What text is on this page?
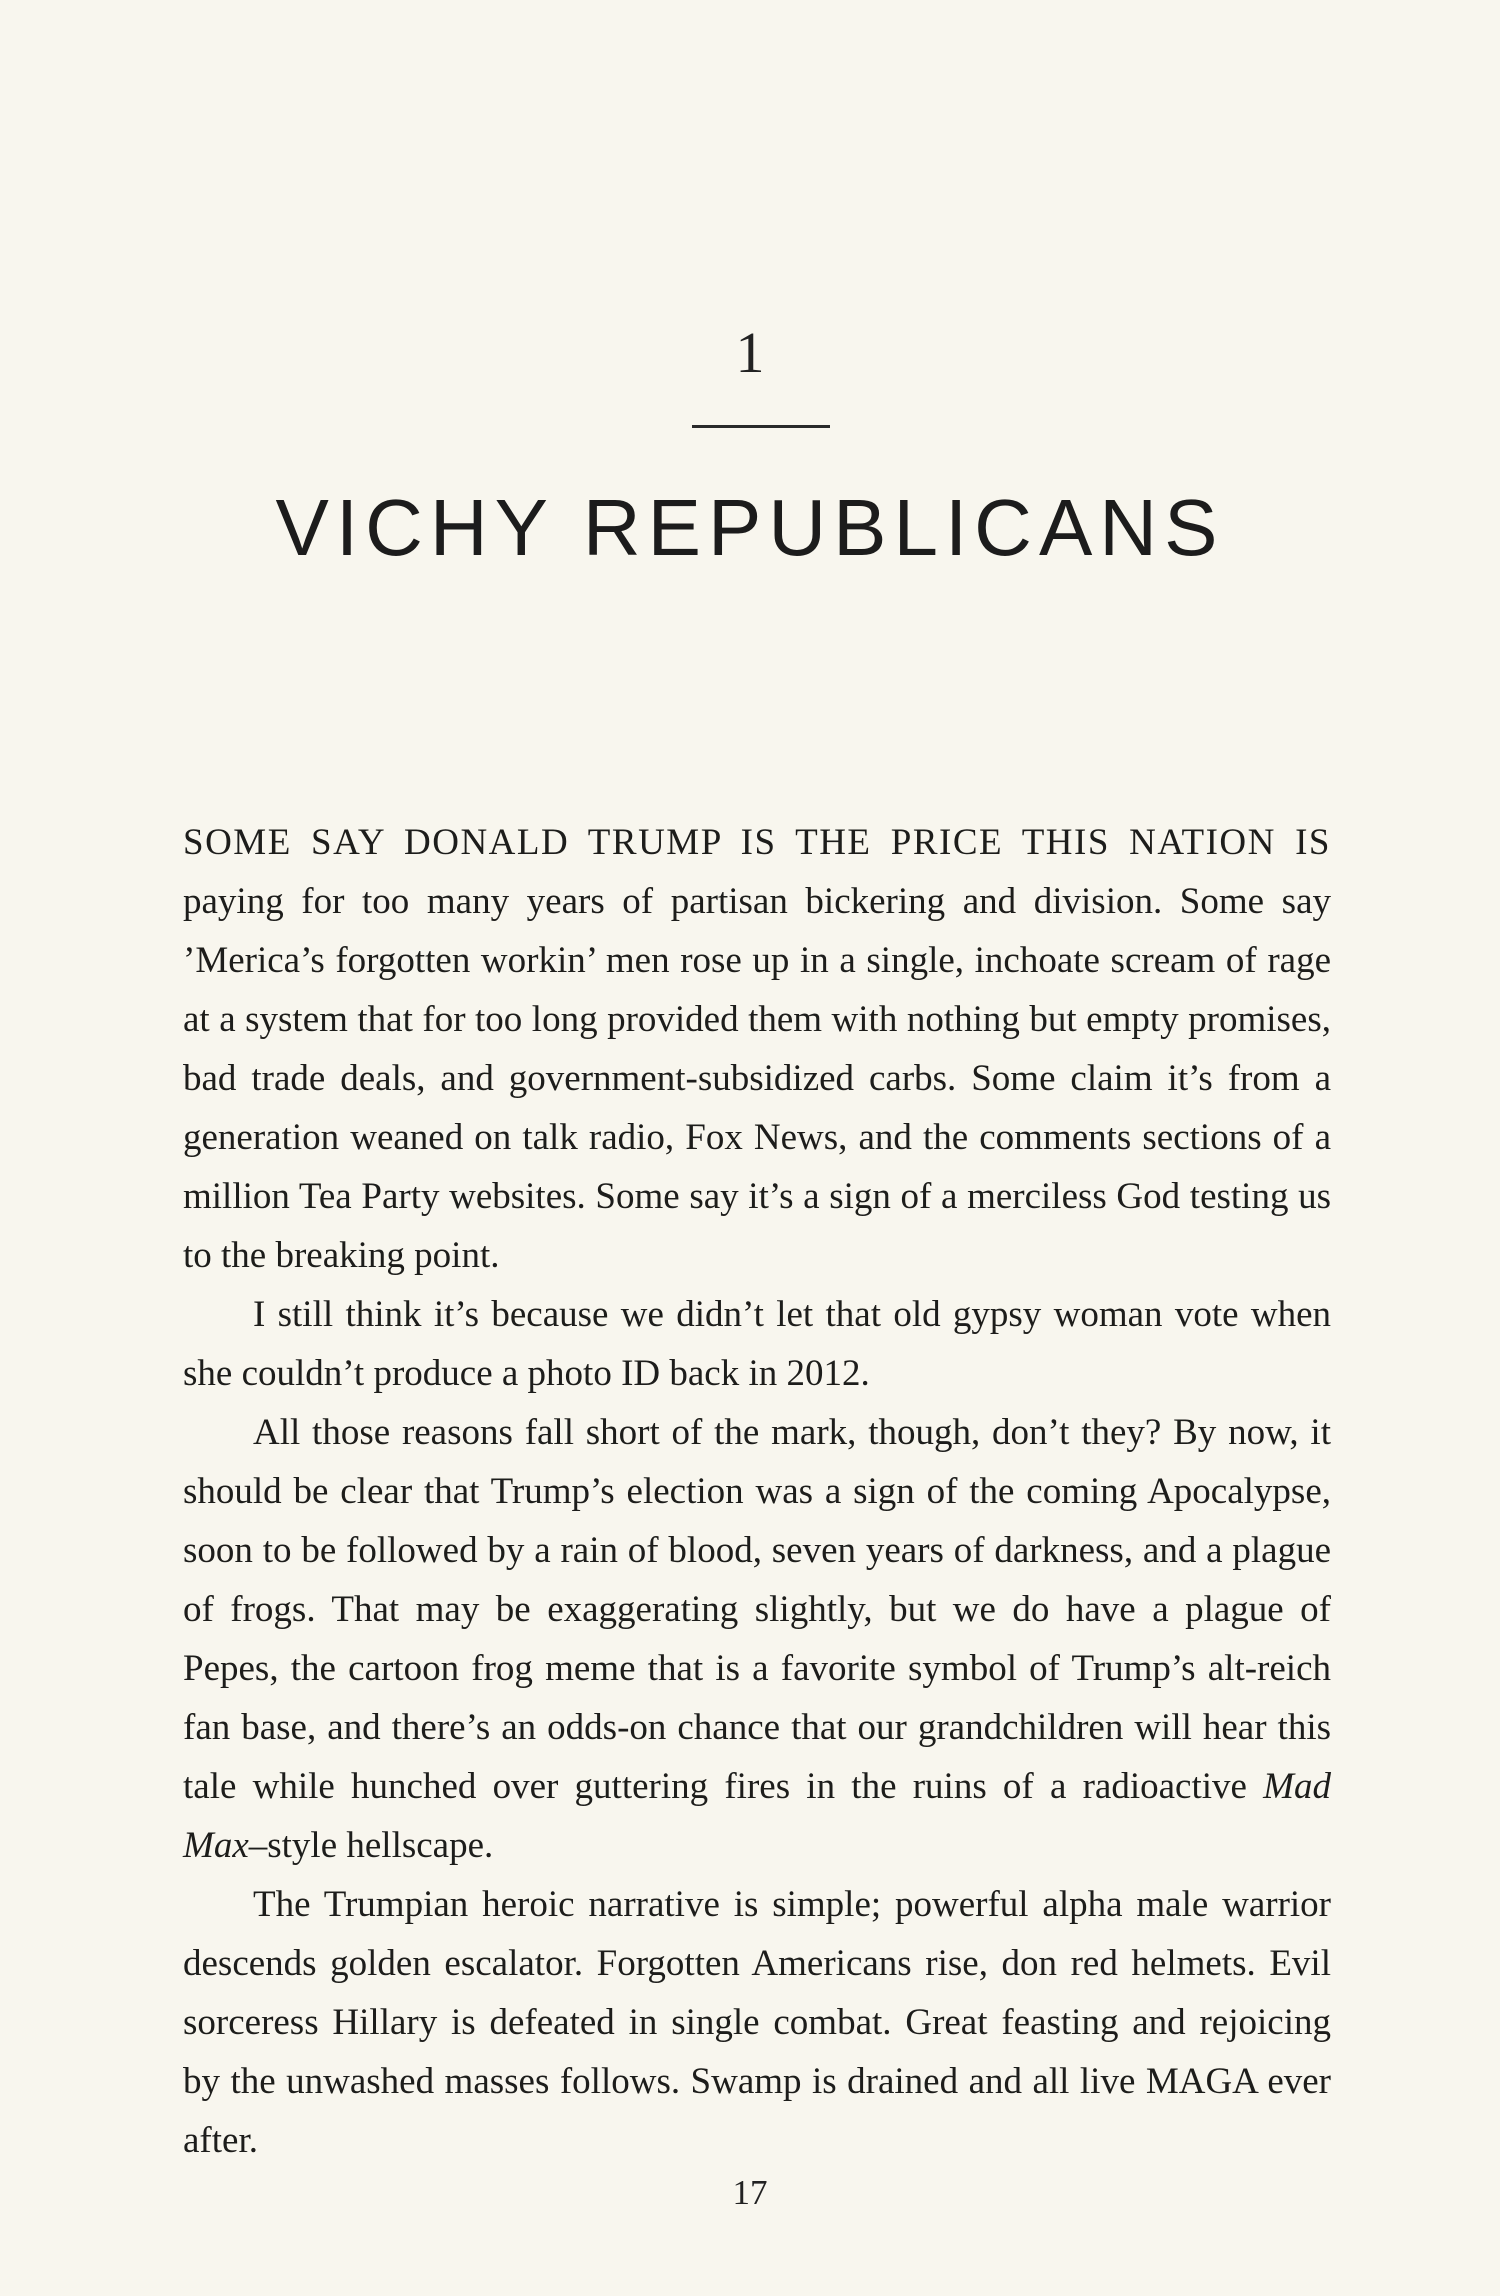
1
VICHY REPUBLICANS

SOME SAY DONALD TRUMP IS THE PRICE THIS NATION IS paying for too many years of partisan bickering and division. Some say ’Merica’s forgotten workin’ men rose up in a single, inchoate scream of rage at a system that for too long provided them with nothing but empty promises, bad trade deals, and government-subsidized carbs. Some claim it’s from a generation weaned on talk radio, Fox News, and the comments sections of a million Tea Party websites. Some say it’s a sign of a merciless God testing us to the breaking point.

I still think it’s because we didn’t let that old gypsy woman vote when she couldn’t produce a photo ID back in 2012.

All those reasons fall short of the mark, though, don’t they? By now, it should be clear that Trump’s election was a sign of the coming Apocalypse, soon to be followed by a rain of blood, seven years of darkness, and a plague of frogs. That may be exaggerating slightly, but we do have a plague of Pepes, the cartoon frog meme that is a favorite symbol of Trump’s alt-reich fan base, and there’s an odds-on chance that our grandchildren will hear this tale while hunched over guttering fires in the ruins of a radioactive Mad Max–style hellscape.

The Trumpian heroic narrative is simple; powerful alpha male warrior descends golden escalator. Forgotten Americans rise, don red helmets. Evil sorceress Hillary is defeated in single combat. Great feasting and rejoicing by the unwashed masses follows. Swamp is drained and all live MAGA ever after.

17
